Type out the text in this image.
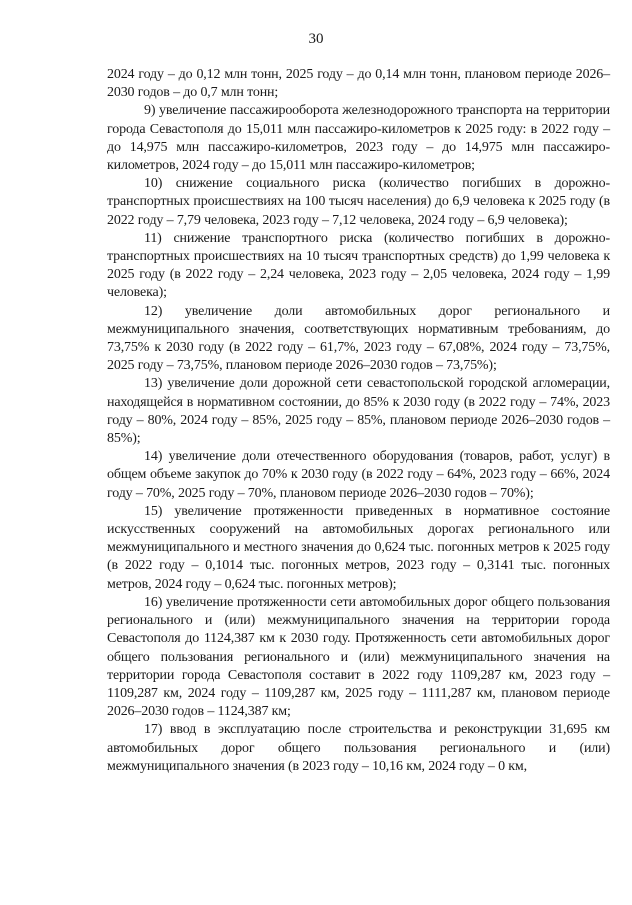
30

2024 году – до 0,12 млн тонн, 2025 году – до 0,14 млн тонн, плановом периоде 2026–2030 годов – до 0,7 млн тонн;

9) увеличение пассажирооборота железнодорожного транспорта на территории города Севастополя до 15,011 млн пассажиро-километров к 2025 году: в 2022 году – до 14,975 млн пассажиро-километров, 2023 году – до 14,975 млн пассажиро-километров, 2024 году – до 15,011 млн пассажиро-километров;

10) снижение социального риска (количество погибших в дорожно-транспортных происшествиях на 100 тысяч населения) до 6,9 человека к 2025 году (в 2022 году – 7,79 человека, 2023 году – 7,12 человека, 2024 году – 6,9 человека);

11) снижение транспортного риска (количество погибших в дорожно-транспортных происшествиях на 10 тысяч транспортных средств) до 1,99 человека к 2025 году (в 2022 году – 2,24 человека, 2023 году – 2,05 человека, 2024 году – 1,99 человека);

12) увеличение доли автомобильных дорог регионального и межмуниципального значения, соответствующих нормативным требованиям, до 73,75% к 2030 году (в 2022 году – 61,7%, 2023 году – 67,08%, 2024 году – 73,75%, 2025 году – 73,75%, плановом периоде 2026–2030 годов – 73,75%);

13) увеличение доли дорожной сети севастопольской городской агломерации, находящейся в нормативном состоянии, до 85% к 2030 году (в 2022 году – 74%, 2023 году – 80%, 2024 году – 85%, 2025 году – 85%, плановом периоде 2026–2030 годов – 85%);

14) увеличение доли отечественного оборудования (товаров, работ, услуг) в общем объеме закупок до 70% к 2030 году (в 2022 году – 64%, 2023 году – 66%, 2024 году – 70%, 2025 году – 70%, плановом периоде 2026–2030 годов – 70%);

15) увеличение протяженности приведенных в нормативное состояние искусственных сооружений на автомобильных дорогах регионального или межмуниципального и местного значения до 0,624 тыс. погонных метров к 2025 году (в 2022 году – 0,1014 тыс. погонных метров, 2023 году – 0,3141 тыс. погонных метров, 2024 году – 0,624 тыс. погонных метров);

16) увеличение протяженности сети автомобильных дорог общего пользования регионального и (или) межмуниципального значения на территории города Севастополя до 1124,387 км к 2030 году. Протяженность сети автомобильных дорог общего пользования регионального и (или) межмуниципального значения на территории города Севастополя составит в 2022 году 1109,287 км, 2023 году – 1109,287 км, 2024 году – 1109,287 км, 2025 году – 1111,287 км, плановом периоде 2026–2030 годов – 1124,387 км;

17) ввод в эксплуатацию после строительства и реконструкции 31,695 км автомобильных дорог общего пользования регионального и (или) межмуниципального значения (в 2023 году – 10,16 км, 2024 году – 0 км,
